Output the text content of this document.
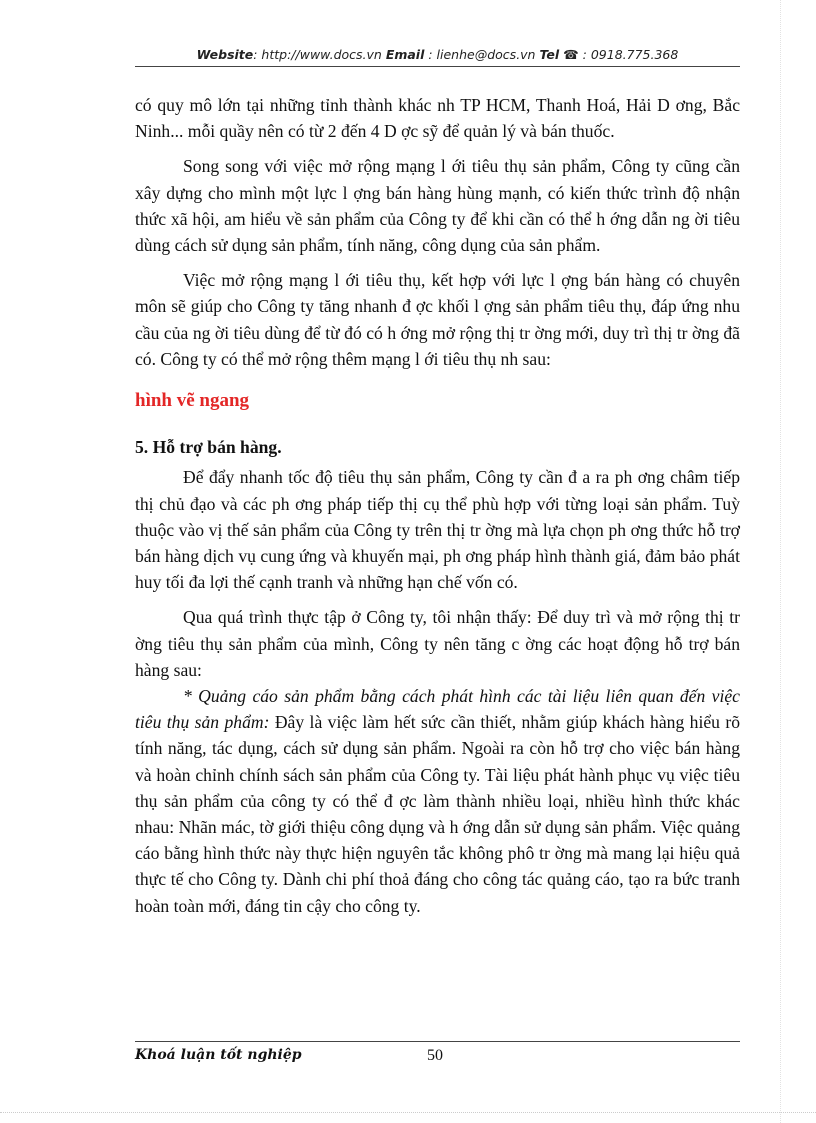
Website: http://www.docs.vn Email : lienhe@docs.vn Tel ☎ : 0918.775.368

có quy mô lớn tại những tỉnh thành khác nh TP HCM, Thanh Hoá, Hải D ơng, Bắc Ninh... mỗi quầy nên có từ 2 đến 4 D ợc sỹ để quản lý và bán thuốc.

Song song với việc mở rộng mạng l ới tiêu thụ sản phẩm, Công ty cũng cần xây dựng cho mình một lực l ợng bán hàng hùng mạnh, có kiến thức trình độ nhận thức xã hội, am hiểu về sản phẩm của Công ty để khi cần có thể h ớng dẫn ng ời tiêu dùng cách sử dụng sản phẩm, tính năng, công dụng của sản phẩm.

Việc mở rộng mạng l ới tiêu thụ, kết hợp với lực l ợng bán hàng có chuyên môn sẽ giúp cho Công ty tăng nhanh đ ợc khối l ợng sản phẩm tiêu thụ, đáp ứng nhu cầu của ng ời tiêu dùng để từ đó có h ớng mở rộng thị tr ờng mới, duy trì thị tr ờng đã có. Công ty có thể mở rộng thêm mạng l ới tiêu thụ nh sau:

hình vẽ ngang
5. Hỗ trợ bán hàng.

Để đẩy nhanh tốc độ tiêu thụ sản phẩm, Công ty cần đ a ra ph ơng châm tiếp thị chủ đạo và các ph ơng pháp tiếp thị cụ thể phù hợp với từng loại sản phẩm. Tuỳ thuộc vào vị thế sản phẩm của Công ty trên thị tr ờng mà lựa chọn ph ơng thức hỗ trợ bán hàng dịch vụ cung ứng và khuyến mại, ph ơng pháp hình thành giá, đảm bảo phát huy tối đa lợi thế cạnh tranh và những hạn chế vốn có.

Qua quá trình thực tập ở Công ty, tôi nhận thấy: Để duy trì và mở rộng thị tr ờng tiêu thụ sản phẩm của mình, Công ty nên tăng c ờng các hoạt động hỗ trợ bán hàng sau:

* Quảng cáo sản phẩm bằng cách phát hình các tài liệu liên quan đến việc tiêu thụ sản phẩm: Đây là việc làm hết sức cần thiết, nhằm giúp khách hàng hiểu rõ tính năng, tác dụng, cách sử dụng sản phẩm. Ngoài ra còn hỗ trợ cho việc bán hàng và hoàn chỉnh chính sách sản phẩm của Công ty. Tài liệu phát hành phục vụ việc tiêu thụ sản phẩm của công ty có thể đ ợc làm thành nhiều loại, nhiều hình thức khác nhau: Nhãn mác, tờ giới thiệu công dụng và h ớng dẫn sử dụng sản phẩm. Việc quảng cáo bằng hình thức này thực hiện nguyên tắc không phô tr ờng mà mang lại hiệu quả thực tế cho Công ty. Dành chi phí thoả đáng cho công tác quảng cáo, tạo ra bức tranh hoàn toàn mới, đáng tin cậy cho công ty.

Khoá luận tốt nghiệp	50
